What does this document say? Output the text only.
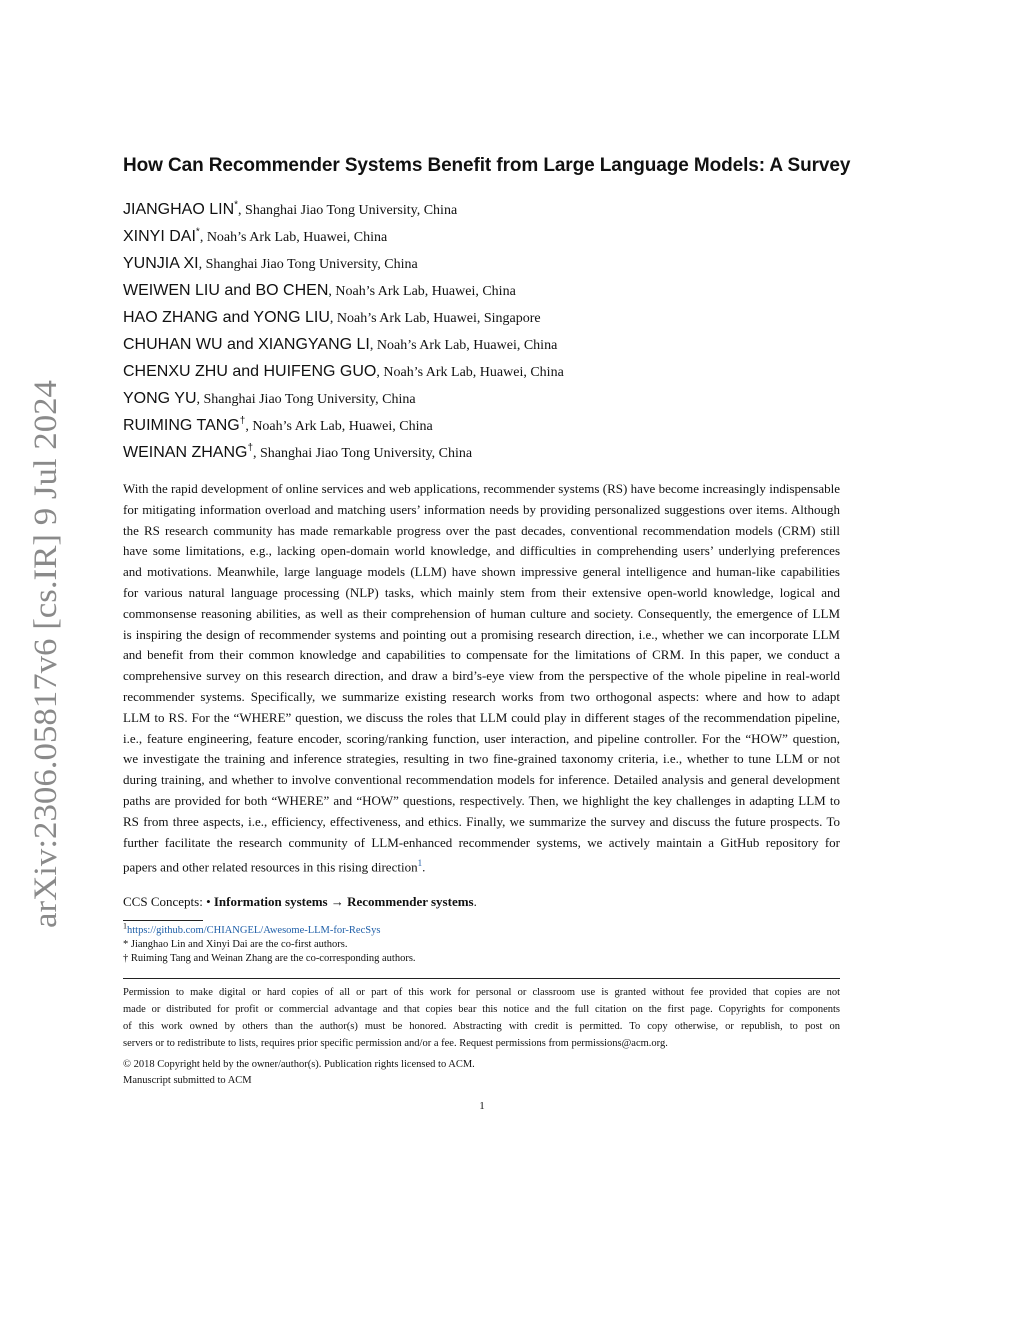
arXiv:2306.05817v6 [cs.IR] 9 Jul 2024
How Can Recommender Systems Benefit from Large Language Models: A Survey
JIANGHAO LIN*, Shanghai Jiao Tong University, China
XINYI DAI*, Noah’s Ark Lab, Huawei, China
YUNJIA XI, Shanghai Jiao Tong University, China
WEIWEN LIU and BO CHEN, Noah’s Ark Lab, Huawei, China
HAO ZHANG and YONG LIU, Noah’s Ark Lab, Huawei, Singapore
CHUHAN WU and XIANGYANG LI, Noah’s Ark Lab, Huawei, China
CHENXU ZHU and HUIFENG GUO, Noah’s Ark Lab, Huawei, China
YONG YU, Shanghai Jiao Tong University, China
RUIMING TANG†, Noah’s Ark Lab, Huawei, China
WEINAN ZHANG†, Shanghai Jiao Tong University, China
With the rapid development of online services and web applications, recommender systems (RS) have become increasingly indispensable
for mitigating information overload and matching users’ information needs by providing personalized suggestions over items. Although
the RS research community has made remarkable progress over the past decades, conventional recommendation models (CRM) still
have some limitations, e.g., lacking open-domain world knowledge, and difficulties in comprehending users’ underlying preferences
and motivations. Meanwhile, large language models (LLM) have shown impressive general intelligence and human-like capabilities
for various natural language processing (NLP) tasks, which mainly stem from their extensive open-world knowledge, logical and
commonsense reasoning abilities, as well as their comprehension of human culture and society. Consequently, the emergence of LLM
is inspiring the design of recommender systems and pointing out a promising research direction, i.e., whether we can incorporate LLM
and benefit from their common knowledge and capabilities to compensate for the limitations of CRM. In this paper, we conduct a
comprehensive survey on this research direction, and draw a bird’s-eye view from the perspective of the whole pipeline in real-world
recommender systems. Specifically, we summarize existing research works from two orthogonal aspects: where and how to adapt
LLM to RS. For the “WHERE” question, we discuss the roles that LLM could play in different stages of the recommendation pipeline,
i.e., feature engineering, feature encoder, scoring/ranking function, user interaction, and pipeline controller. For the “HOW” question,
we investigate the training and inference strategies, resulting in two fine-grained taxonomy criteria, i.e., whether to tune LLM or not
during training, and whether to involve conventional recommendation models for inference. Detailed analysis and general development
paths are provided for both “WHERE” and “HOW” questions, respectively. Then, we highlight the key challenges in adapting LLM to
RS from three aspects, i.e., efficiency, effectiveness, and ethics. Finally, we summarize the survey and discuss the future prospects. To
further facilitate the research community of LLM-enhanced recommender systems, we actively maintain a GitHub repository for
papers and other related resources in this rising direction$^1$.
CCS Concepts: • Information systems → Recommender systems.
$^1$https://github.com/CHIANGEL/Awesome-LLM-for-RecSys
* Jianghao Lin and Xinyi Dai are the co-first authors.
† Ruiming Tang and Weinan Zhang are the co-corresponding authors.
Permission to make digital or hard copies of all or part of this work for personal or classroom use is granted without fee provided that copies are not
made or distributed for profit or commercial advantage and that copies bear this notice and the full citation on the first page. Copyrights for components
of this work owned by others than the author(s) must be honored. Abstracting with credit is permitted. To copy otherwise, or republish, to post on
servers or to redistribute to lists, requires prior specific permission and/or a fee. Request permissions from permissions@acm.org.
© 2018 Copyright held by the owner/author(s). Publication rights licensed to ACM.
Manuscript submitted to ACM
1
